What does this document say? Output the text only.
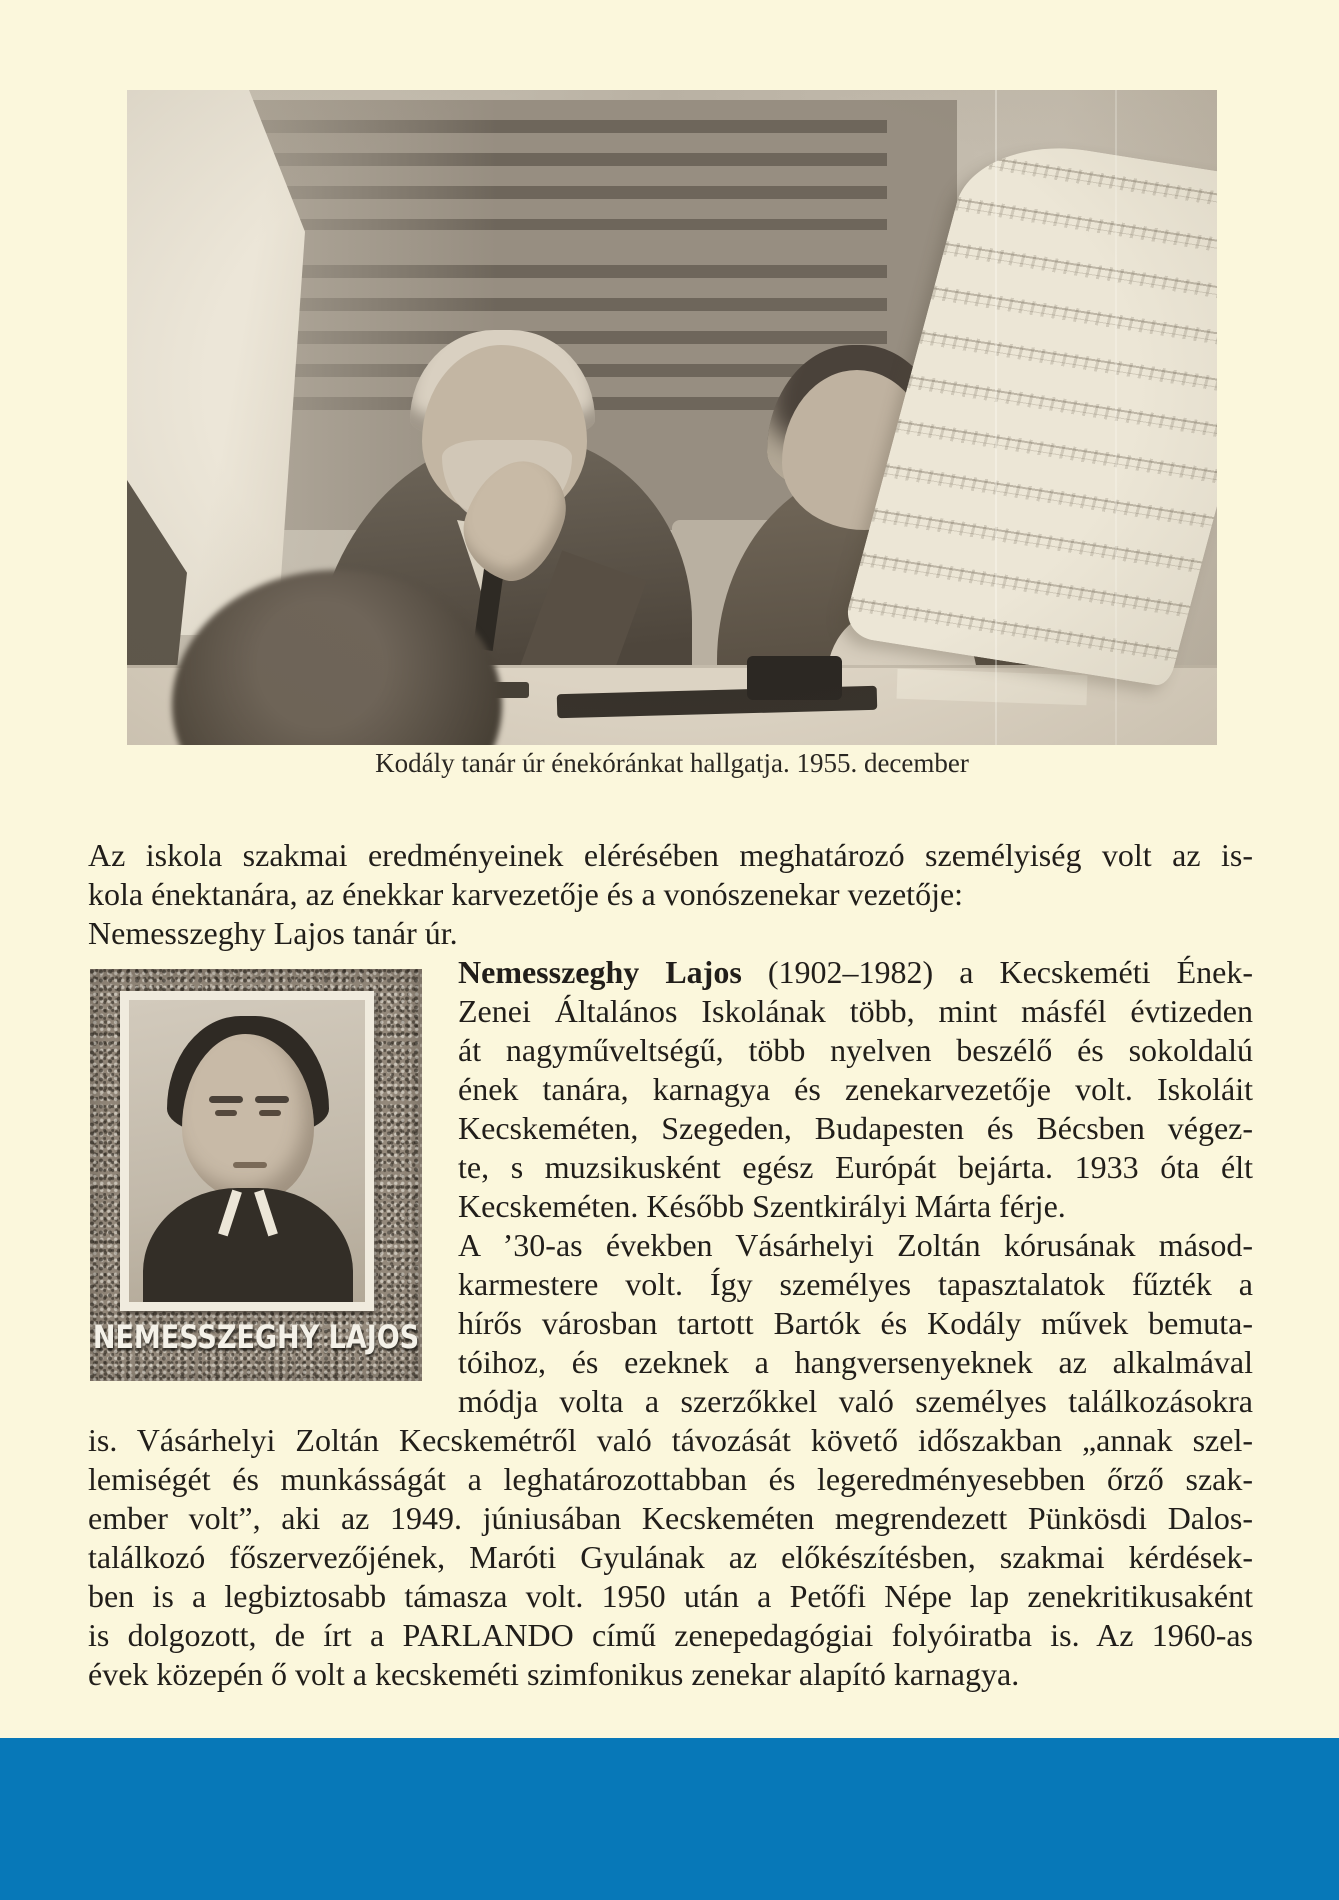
Kodály tanár úr énekóránkat hallgatja. 1955. december
Az iskola szakmai eredményeinek elérésében meghatározó személyiség volt az is-
kola énektanára, az énekkar karvezetője és a vonószenekar vezetője:
Nemesszeghy Lajos tanár úr.
NEMESSZEGHY LAJOS
Nemesszeghy Lajos (1902–1982) a Kecskeméti Ének-
Zenei Általános Iskolának több, mint másfél évtizeden
át nagyműveltségű, több nyelven beszélő és sokoldalú
ének tanára, karnagya és zenekarvezetője volt. Iskoláit
Kecskeméten, Szegeden, Budapesten és Bécsben végez-
te, s muzsikusként egész Európát bejárta. 1933 óta élt
Kecskeméten. Később Szentkirályi Márta férje.
A ’30-as években Vásárhelyi Zoltán kórusának másod-
karmestere volt. Így személyes tapasztalatok fűzték a
hírős városban tartott Bartók és Kodály művek bemuta-
tóihoz, és ezeknek a hangversenyeknek az alkalmával
módja volta a szerzőkkel való személyes találkozásokra
is. Vásárhelyi Zoltán Kecskemétről való távozását követő időszakban „annak szel-
lemiségét és munkásságát a leghatározottabban és legeredményesebben őrző szak-
ember volt”, aki az 1949. júniusában Kecskeméten megrendezett Pünkösdi Dalos-
találkozó főszervezőjének, Maróti Gyulának az előkészítésben, szakmai kérdések-
ben is a legbiztosabb támasza volt. 1950 után a Petőfi Népe lap zenekritikusaként
is dolgozott, de írt a PARLANDO című zenepedagógiai folyóiratba is. Az 1960-as
évek közepén ő volt a kecskeméti szimfonikus zenekar alapító karnagya.
